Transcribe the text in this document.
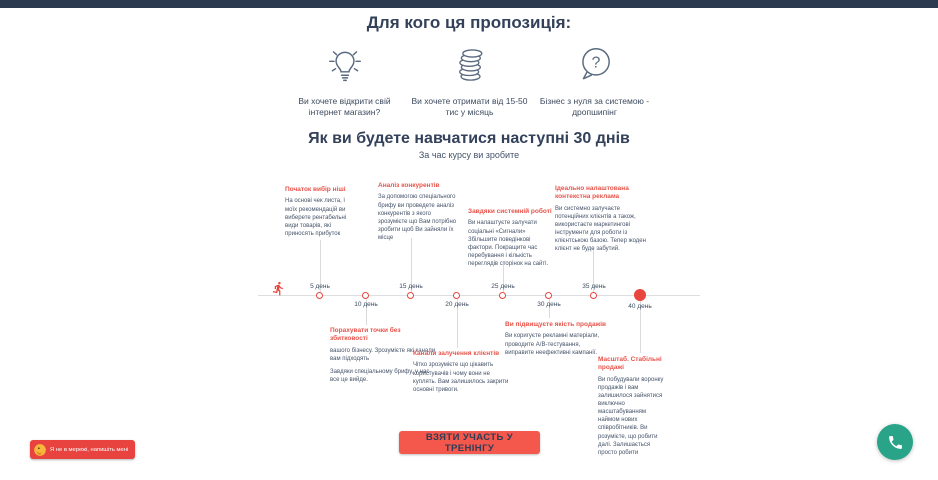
Для кого ця пропозиція:
Ви хочете відкрити свій інтернет магазин?
Ви хочете отримати від 15-50 тис у місяць
?
Бізнес з нуля за системою - дропшипінг
Як ви будете навчатися наступні 30 днів
За час курсу ви зробите
5 день
10 день
15 день
20 день
25 день
30 день
35 день
40 день
Початок вибір ніші
На основі чек листа, і моїх рекомендацій ви виберете рентабельні види товарів, які приносять прибуток
Аналіз конкурентів
За допомогою спеціального брифу ви проведете аналіз конкурентів з якого зрозумієте що Вам потрібно зробити щоб Ви зайняли їх місце
Завдяки системній роботі
Ви налаштуєте залучати соціальні «Сигнали» Збільшите поведінкові фактори. Покращите час перебування і кількість переглядів сторінок на сайті.
Ідеально налаштована контекстна реклама
Ви системно залучаєте потенційних клієнтів а також, використаєте маркетингові інструменти для роботи із клієнтською базою. Тепер жоден клієнт не буде забутий.
Порахувати точки без збитковості
вашого бізнесу. Зрозумієте які канали вам підходять
Завдяки спеціальному брифу, у нас все це вийде.
Канали залучення клієнтів
Чітко зрозумієте що цікавить користувачів і чому вони не куплять. Вам залишилось закрити основні тривоги.
Ви підвищуєте якість продажів
Ви коригуєте рекламні матеріали, проводите А/В-тестування, виправите неефективні кампанії.
Масштаб. Стабільні продажі
Ви побудували воронку продажів і вам залишилося зайнятися виключно масштабуванням наймом нових співробітників. Ви розумієте, що робити далі. Залишається просто робити
ВЗЯТИ УЧАСТЬ У ТРЕНІНГУ
Я не в мережі, напишіть мені
